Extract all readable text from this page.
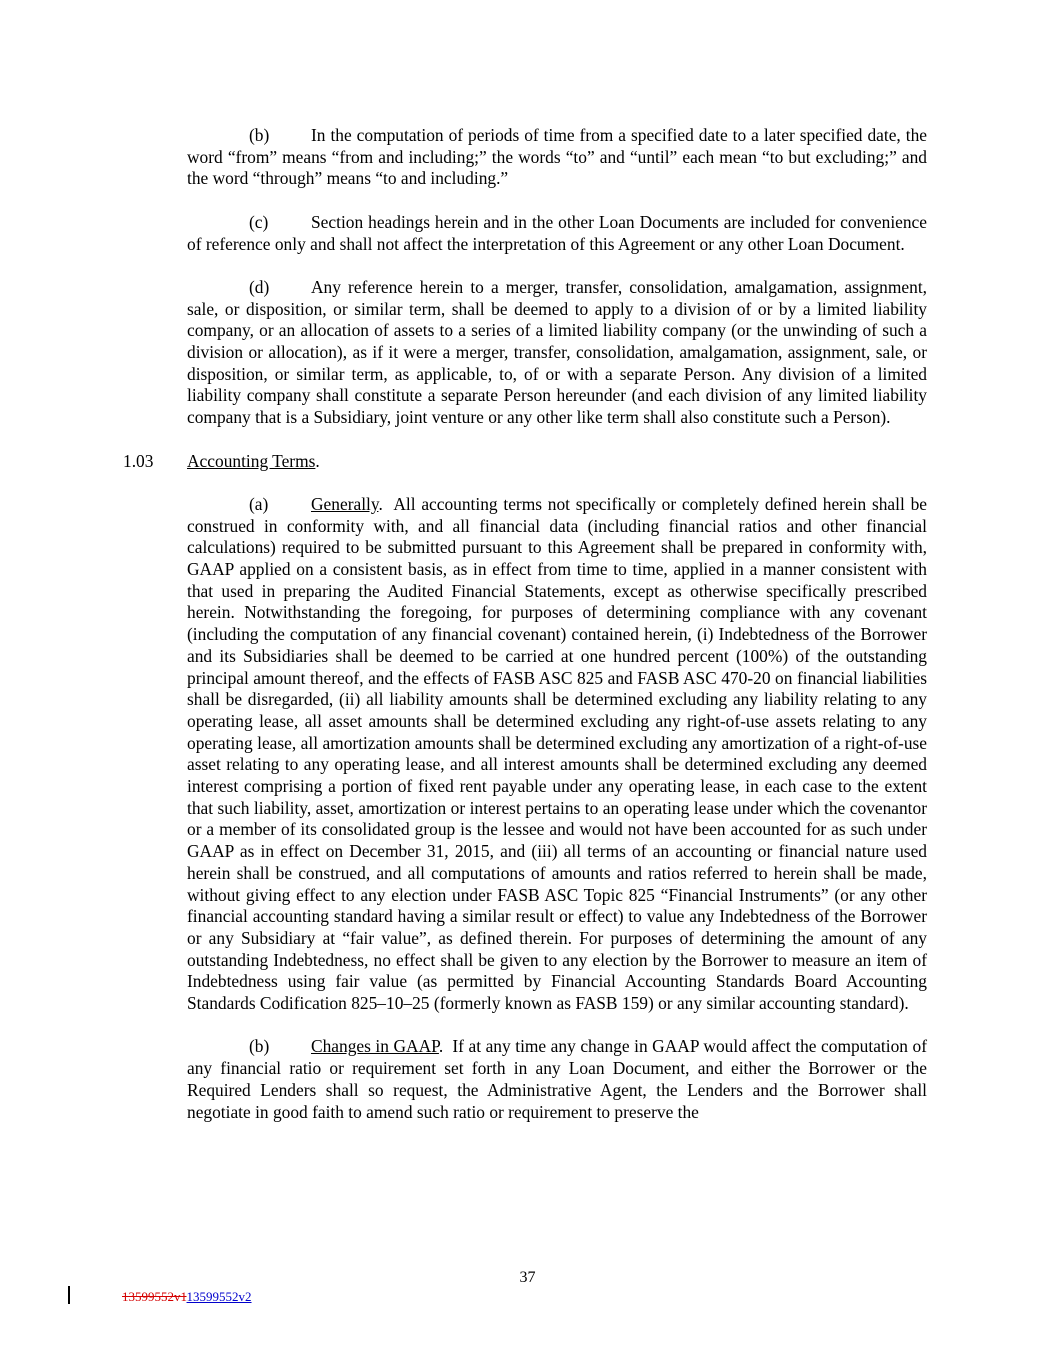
(b) In the computation of periods of time from a specified date to a later specified date, the word “from” means “from and including;” the words “to” and “until” each mean “to but excluding;” and the word “through” means “to and including.”

(c) Section headings herein and in the other Loan Documents are included for convenience of reference only and shall not affect the interpretation of this Agreement or any other Loan Document.

(d) Any reference herein to a merger, transfer, consolidation, amalgamation, assignment, sale, or disposition, or similar term, shall be deemed to apply to a division of or by a limited liability company, or an allocation of assets to a series of a limited liability company (or the unwinding of such a division or allocation), as if it were a merger, transfer, consolidation, amalgamation, assignment, sale, or disposition, or similar term, as applicable, to, of or with a separate Person. Any division of a limited liability company shall constitute a separate Person hereunder (and each division of any limited liability company that is a Subsidiary, joint venture or any other like term shall also constitute such a Person).

1.03 Accounting Terms.

(a) Generally. All accounting terms not specifically or completely defined herein shall be construed in conformity with, and all financial data (including financial ratios and other financial calculations) required to be submitted pursuant to this Agreement shall be prepared in conformity with, GAAP applied on a consistent basis, as in effect from time to time, applied in a manner consistent with that used in preparing the Audited Financial Statements, except as otherwise specifically prescribed herein. Notwithstanding the foregoing, for purposes of determining compliance with any covenant (including the computation of any financial covenant) contained herein, (i) Indebtedness of the Borrower and its Subsidiaries shall be deemed to be carried at one hundred percent (100%) of the outstanding principal amount thereof, and the effects of FASB ASC 825 and FASB ASC 470-20 on financial liabilities shall be disregarded, (ii) all liability amounts shall be determined excluding any liability relating to any operating lease, all asset amounts shall be determined excluding any right-of-use assets relating to any operating lease, all amortization amounts shall be determined excluding any amortization of a right-of-use asset relating to any operating lease, and all interest amounts shall be determined excluding any deemed interest comprising a portion of fixed rent payable under any operating lease, in each case to the extent that such liability, asset, amortization or interest pertains to an operating lease under which the covenantor or a member of its consolidated group is the lessee and would not have been accounted for as such under GAAP as in effect on December 31, 2015, and (iii) all terms of an accounting or financial nature used herein shall be construed, and all computations of amounts and ratios referred to herein shall be made, without giving effect to any election under FASB ASC Topic 825 “Financial Instruments” (or any other financial accounting standard having a similar result or effect) to value any Indebtedness of the Borrower or any Subsidiary at “fair value”, as defined therein. For purposes of determining the amount of any outstanding Indebtedness, no effect shall be given to any election by the Borrower to measure an item of Indebtedness using fair value (as permitted by Financial Accounting Standards Board Accounting Standards Codification 825–10–25 (formerly known as FASB 159) or any similar accounting standard).

(b) Changes in GAAP. If at any time any change in GAAP would affect the computation of any financial ratio or requirement set forth in any Loan Document, and either the Borrower or the Required Lenders shall so request, the Administrative Agent, the Lenders and the Borrower shall negotiate in good faith to amend such ratio or requirement to preserve the

37
13599552v113599552v2
